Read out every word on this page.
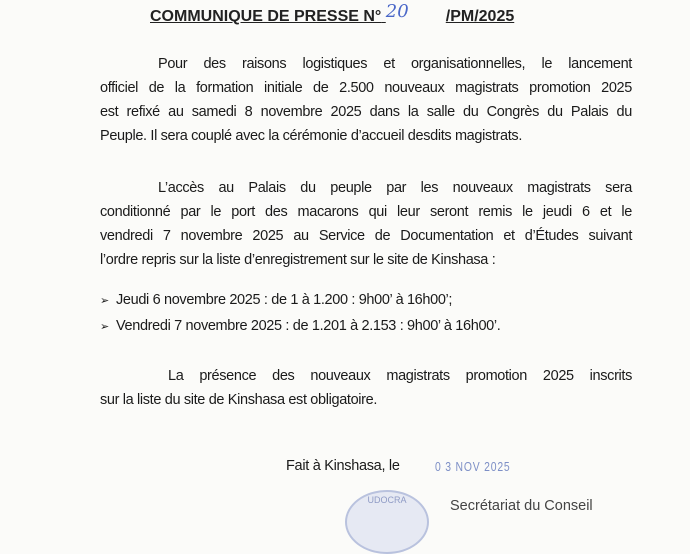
COMMUNIQUE DE PRESSE N° 20 /PM/2025
Pour des raisons logistiques et organisationnelles, le lancement
officiel de la formation initiale de 2.500 nouveaux magistrats promotion 2025
est refixé au samedi 8 novembre 2025 dans la salle du Congrès du Palais du
Peuple. Il sera couplé avec la cérémonie d’accueil desdits magistrats.
L’accès au Palais du peuple par les nouveaux magistrats sera
conditionné par le port des macarons qui leur seront remis le jeudi 6 et le
vendredi 7 novembre 2025 au Service de Documentation et d’Études suivant
l’ordre repris sur la liste d’enregistrement sur le site de Kinshasa :
➢ Jeudi 6 novembre 2025 : de 1 à 1.200 : 9h00’ à 16h00’;
➢ Vendredi 7 novembre 2025 : de 1.201 à 2.153 : 9h00’ à 16h00’.
La présence des nouveaux magistrats promotion 2025 inscrits
sur la liste du site de Kinshasa est obligatoire.
Fait à Kinshasa, le	0 3 NOV 2025
UDOCRA	Secrétariat du Conseil
